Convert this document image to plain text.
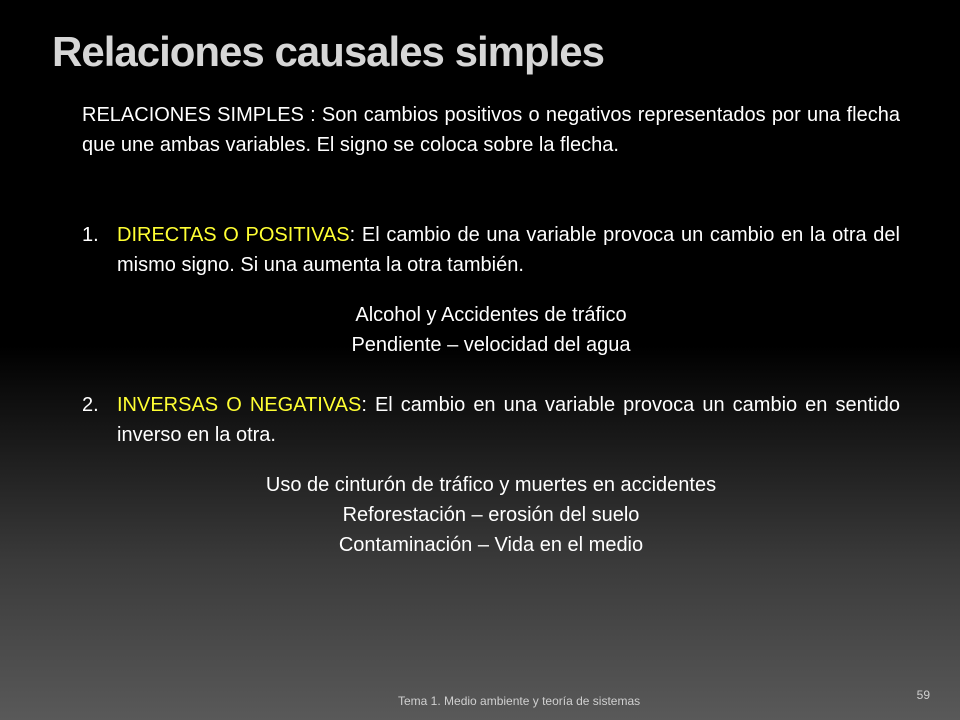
Relaciones causales simples

RELACIONES SIMPLES : Son cambios positivos o negativos representados por una flecha que une ambas variables. El signo se coloca sobre la flecha.

1. DIRECTAS O POSITIVAS: El cambio de una variable provoca un cambio en la otra del mismo signo. Si una aumenta la otra también.
Alcohol y Accidentes de tráfico
Pendiente – velocidad del agua
2. INVERSAS O NEGATIVAS: El cambio en una variable provoca un cambio en sentido inverso en la otra.
Uso de cinturón de tráfico y muertes en accidentes
Reforestación – erosión del suelo
Contaminación – Vida en el medio
Tema 1. Medio ambiente y teoría de sistemas	59
